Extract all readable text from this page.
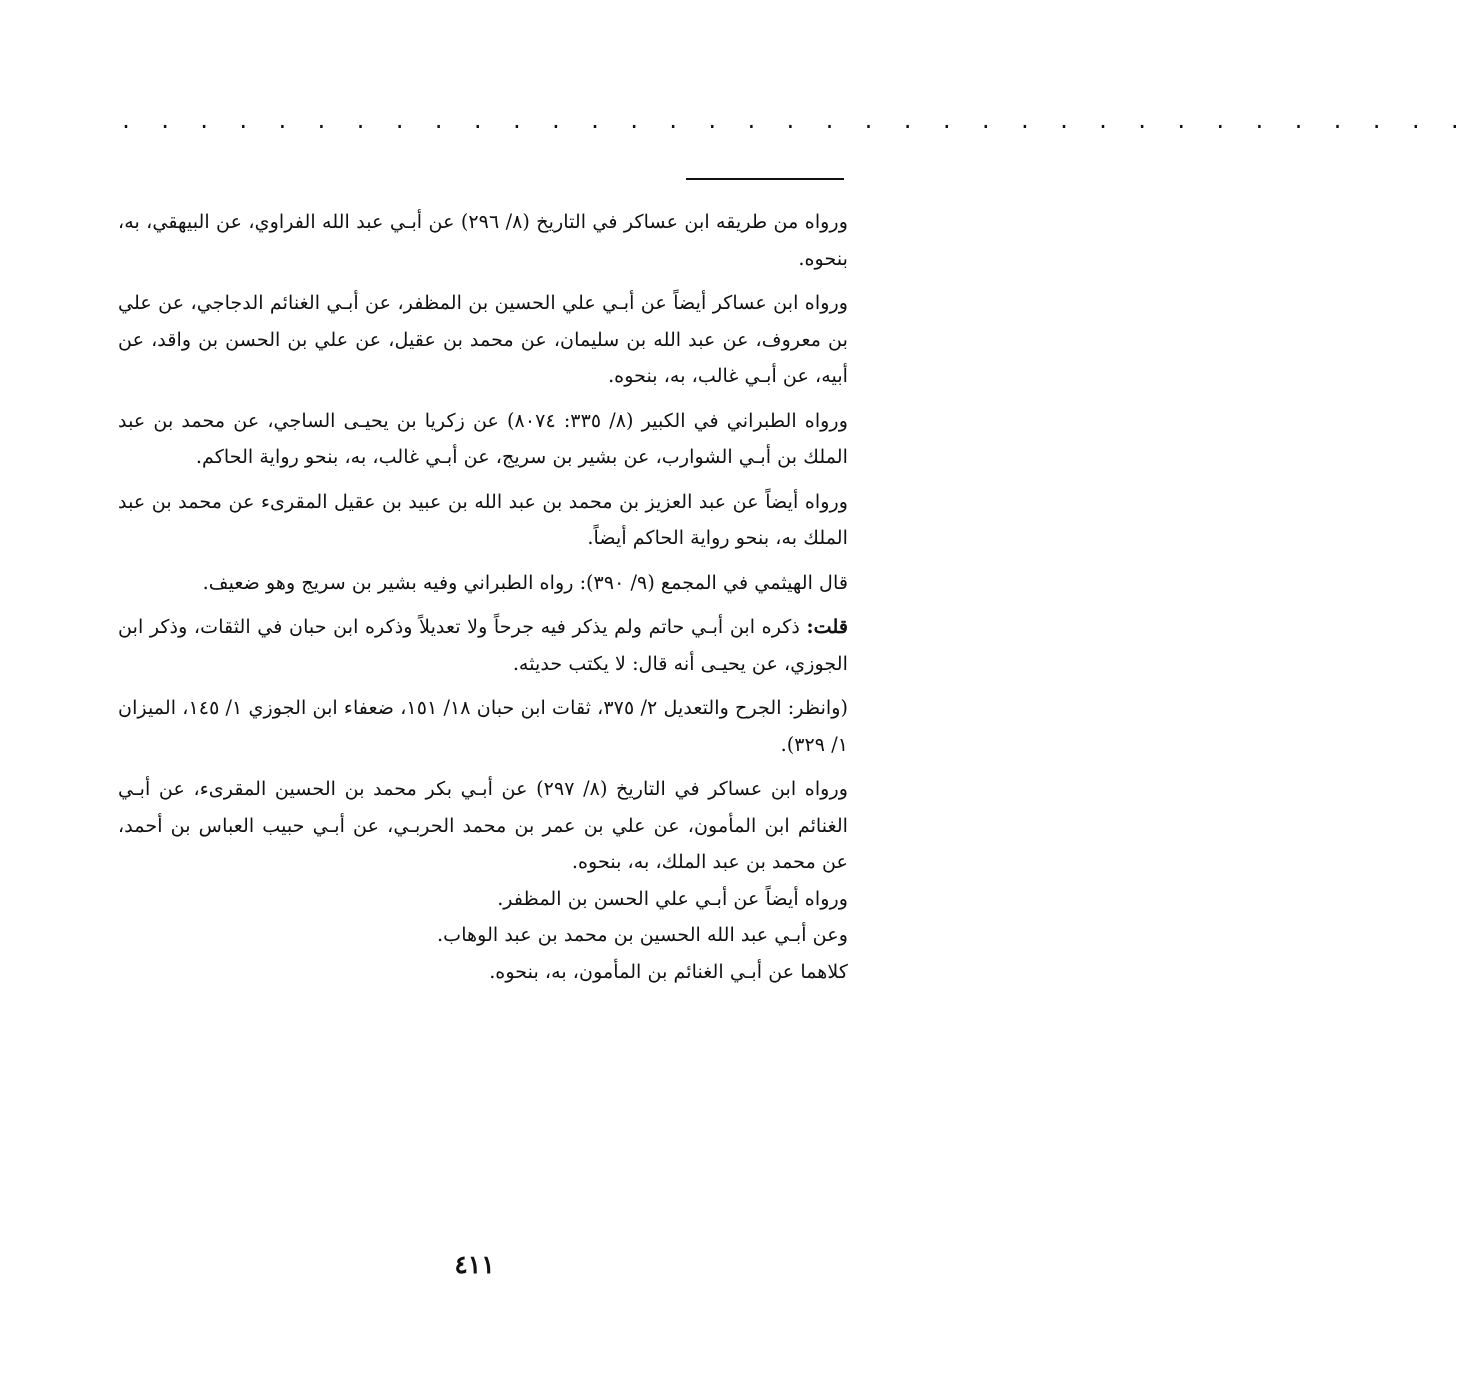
. . . . . . . . . . . . . . . . . . . . . . . . . . . . . . . . . . .

ورواه من طريقه ابن عساكر في التاريخ (٨/ ٢٩٦) عن أبـي عبد الله الفراوي، عن البيهقي، به، بنحوه.

ورواه ابن عساكر أيضاً عن أبـي علي الحسين بن المظفر، عن أبـي الغنائم الدجاجي، عن علي بن معروف، عن عبد الله بن سليمان، عن محمد بن عقيل، عن علي بن الحسن بن واقد، عن أبيه، عن أبـي غالب، به، بنحوه.

ورواه الطبراني في الكبير (٨/ ٣٣٥: ٨٠٧٤) عن زكريا بن يحيـى الساجي، عن محمد بن عبد الملك بن أبـي الشوارب، عن بشير بن سريج، عن أبـي غالب، به، بنحو رواية الحاكم.

ورواه أيضاً عن عبد العزيز بن محمد بن عبد الله بن عبيد بن عقيل المقرىء عن محمد بن عبد الملك به، بنحو رواية الحاكم أيضاً.

قال الهيثمي في المجمع (٩/ ٣٩٠): رواه الطبراني وفيه بشير بن سريج وهو ضعيف.

قلت: ذكره ابن أبـي حاتم ولم يذكر فيه جرحاً ولا تعديلاً وذكره ابن حبان في الثقات، وذكر ابن الجوزي، عن يحيـى أنه قال: لا يكتب حديثه.

(وانظر: الجرح والتعديل ٢/ ٣٧٥، ثقات ابن حبان ١٨/ ١٥١، ضعفاء ابن الجوزي ١/ ١٤٥، الميزان ١/ ٣٢٩).

ورواه ابن عساكر في التاريخ (٨/ ٢٩٧) عن أبـي بكر محمد بن الحسين المقرىء، عن أبـي الغنائم ابن المأمون، عن علي بن عمر بن محمد الحربـي، عن أبـي حبيب العباس بن أحمد، عن محمد بن عبد الملك، به، بنحوه.

ورواه أيضاً عن أبـي علي الحسن بن المظفر.

وعن أبـي عبد الله الحسين بن محمد بن عبد الوهاب.

كلاهما عن أبـي الغنائم بن المأمون، به، بنحوه.

٤١١
